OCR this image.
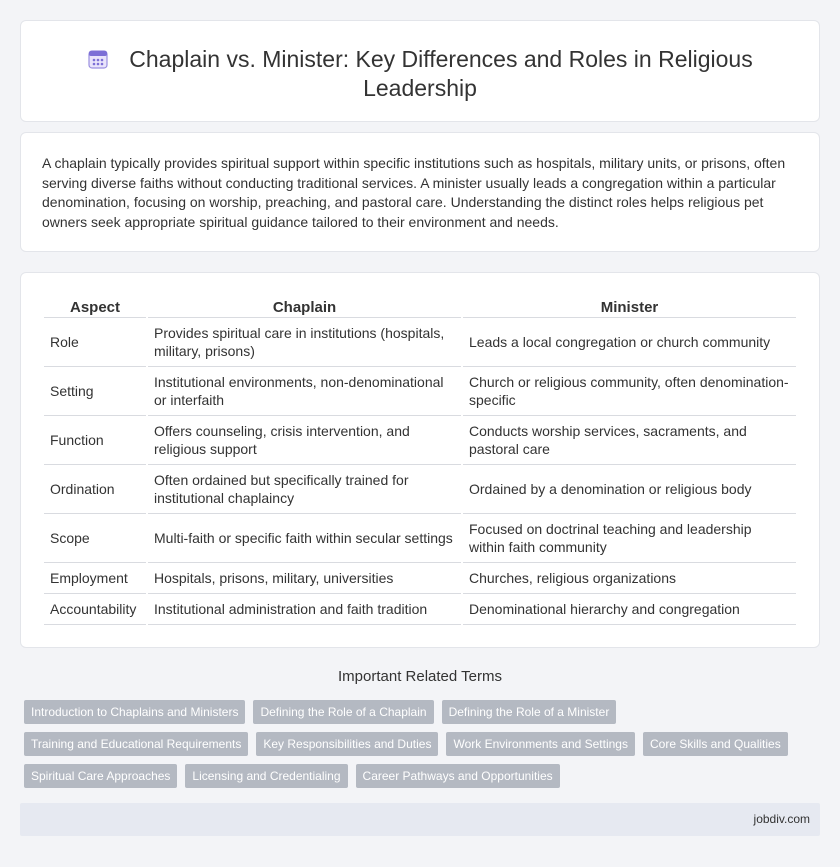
Chaplain vs. Minister: Key Differences and Roles in Religious Leadership

A chaplain typically provides spiritual support within specific institutions such as hospitals, military units, or prisons, often serving diverse faiths without conducting traditional services. A minister usually leads a congregation within a particular denomination, focusing on worship, preaching, and pastoral care. Understanding the distinct roles helps religious pet owners seek appropriate spiritual guidance tailored to their environment and needs.

Aspect	Chaplain	Minister
Role	Provides spiritual care in institutions (hospitals, military, prisons)	Leads a local congregation or church community
Setting	Institutional environments, non-denominational or interfaith	Church or religious community, often denomination-specific
Function	Offers counseling, crisis intervention, and religious support	Conducts worship services, sacraments, and pastoral care
Ordination	Often ordained but specifically trained for institutional chaplaincy	Ordained by a denomination or religious body
Scope	Multi-faith or specific faith within secular settings	Focused on doctrinal teaching and leadership within faith community
Employment	Hospitals, prisons, military, universities	Churches, religious organizations
Accountability	Institutional administration and faith tradition	Denominational hierarchy and congregation
Important Related Terms
Introduction to Chaplains and Ministers	Defining the Role of a Chaplain	Defining the Role of a Minister
Training and Educational Requirements	Key Responsibilities and Duties	Work Environments and Settings	Core Skills and Qualities
Spiritual Care Approaches	Licensing and Credentialing	Career Pathways and Opportunities
jobdiv.com
